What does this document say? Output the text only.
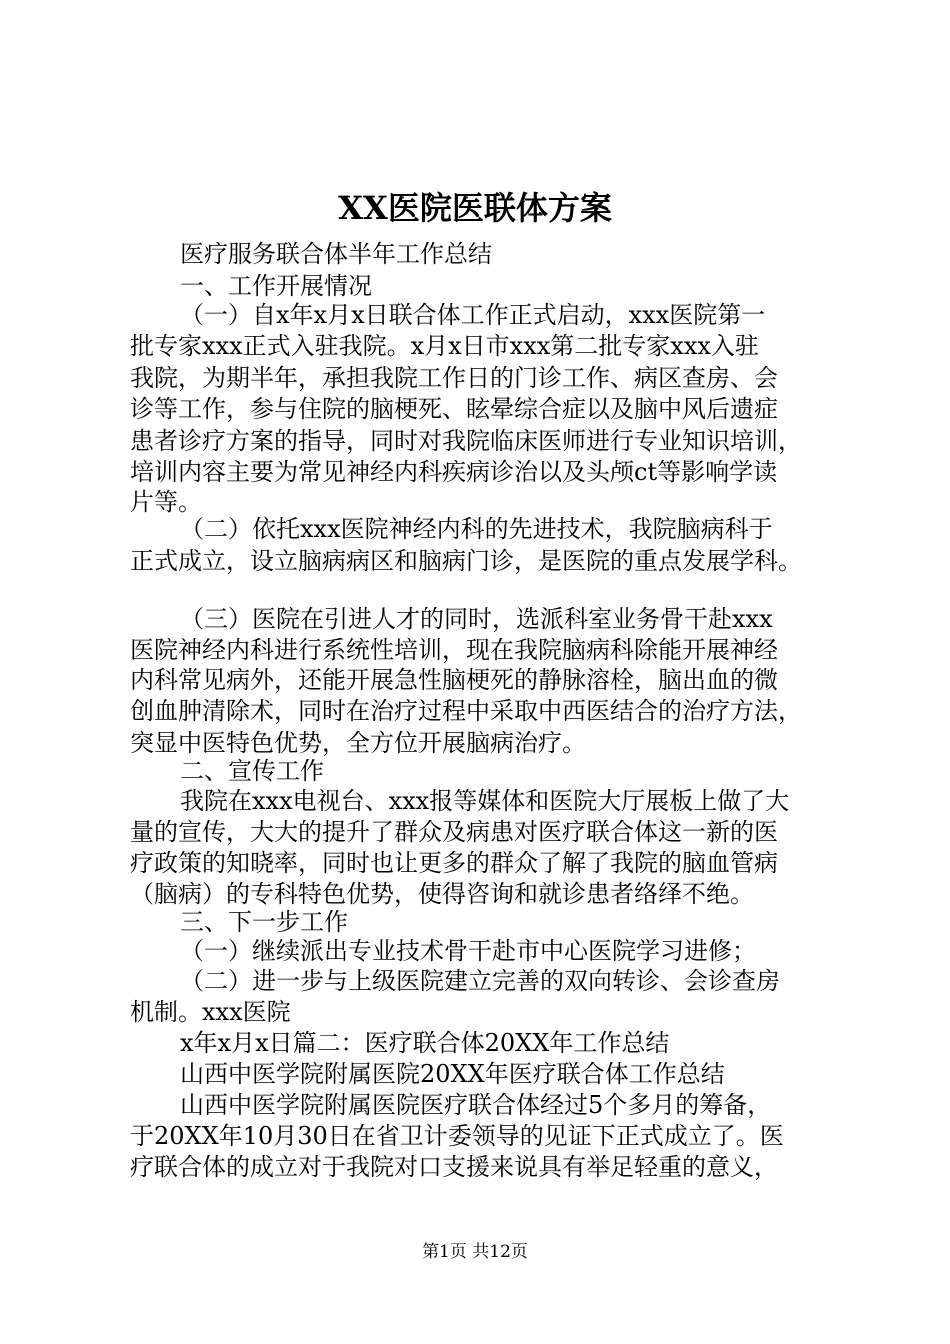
XX医院医联体方案

医疗服务联合体半年工作总结

一、工作开展情况

（一）自x年x月x日联合体工作正式启动，xxx医院第一

批专家xxx正式入驻我院。x月x日市xxx第二批专家xxx入驻

我院，为期半年，承担我院工作日的门诊工作、病区查房、会

诊等工作，参与住院的脑梗死、眩晕综合症以及脑中风后遗症

患者诊疗方案的指导，同时对我院临床医师进行专业知识培训，

培训内容主要为常见神经内科疾病诊治以及头颅ct等影响学读

片等。

（二）依托xxx医院神经内科的先进技术，我院脑病科于

正式成立，设立脑病病区和脑病门诊，是医院的重点发展学科。

（三）医院在引进人才的同时，选派科室业务骨干赴xxx

医院神经内科进行系统性培训，现在我院脑病科除能开展神经

内科常见病外，还能开展急性脑梗死的静脉溶栓，脑出血的微

创血肿清除术，同时在治疗过程中采取中西医结合的治疗方法，

突显中医特色优势，全方位开展脑病治疗。

二、宣传工作

我院在xxx电视台、xxx报等媒体和医院大厅展板上做了大

量的宣传，大大的提升了群众及病患对医疗联合体这一新的医

疗政策的知晓率，同时也让更多的群众了解了我院的脑血管病

（脑病）的专科特色优势，使得咨询和就诊患者络绎不绝。

三、下一步工作

（一）继续派出专业技术骨干赴市中心医院学习进修；

（二）进一步与上级医院建立完善的双向转诊、会诊查房

机制。xxx医院

x年x月x日篇二：医疗联合体20XX年工作总结

山西中医学院附属医院20XX年医疗联合体工作总结

山西中医学院附属医院医疗联合体经过5个多月的筹备，

于20XX年10月30日在省卫计委领导的见证下正式成立了。医

疗联合体的成立对于我院对口支援来说具有举足轻重的意义，

第1页 共12页
